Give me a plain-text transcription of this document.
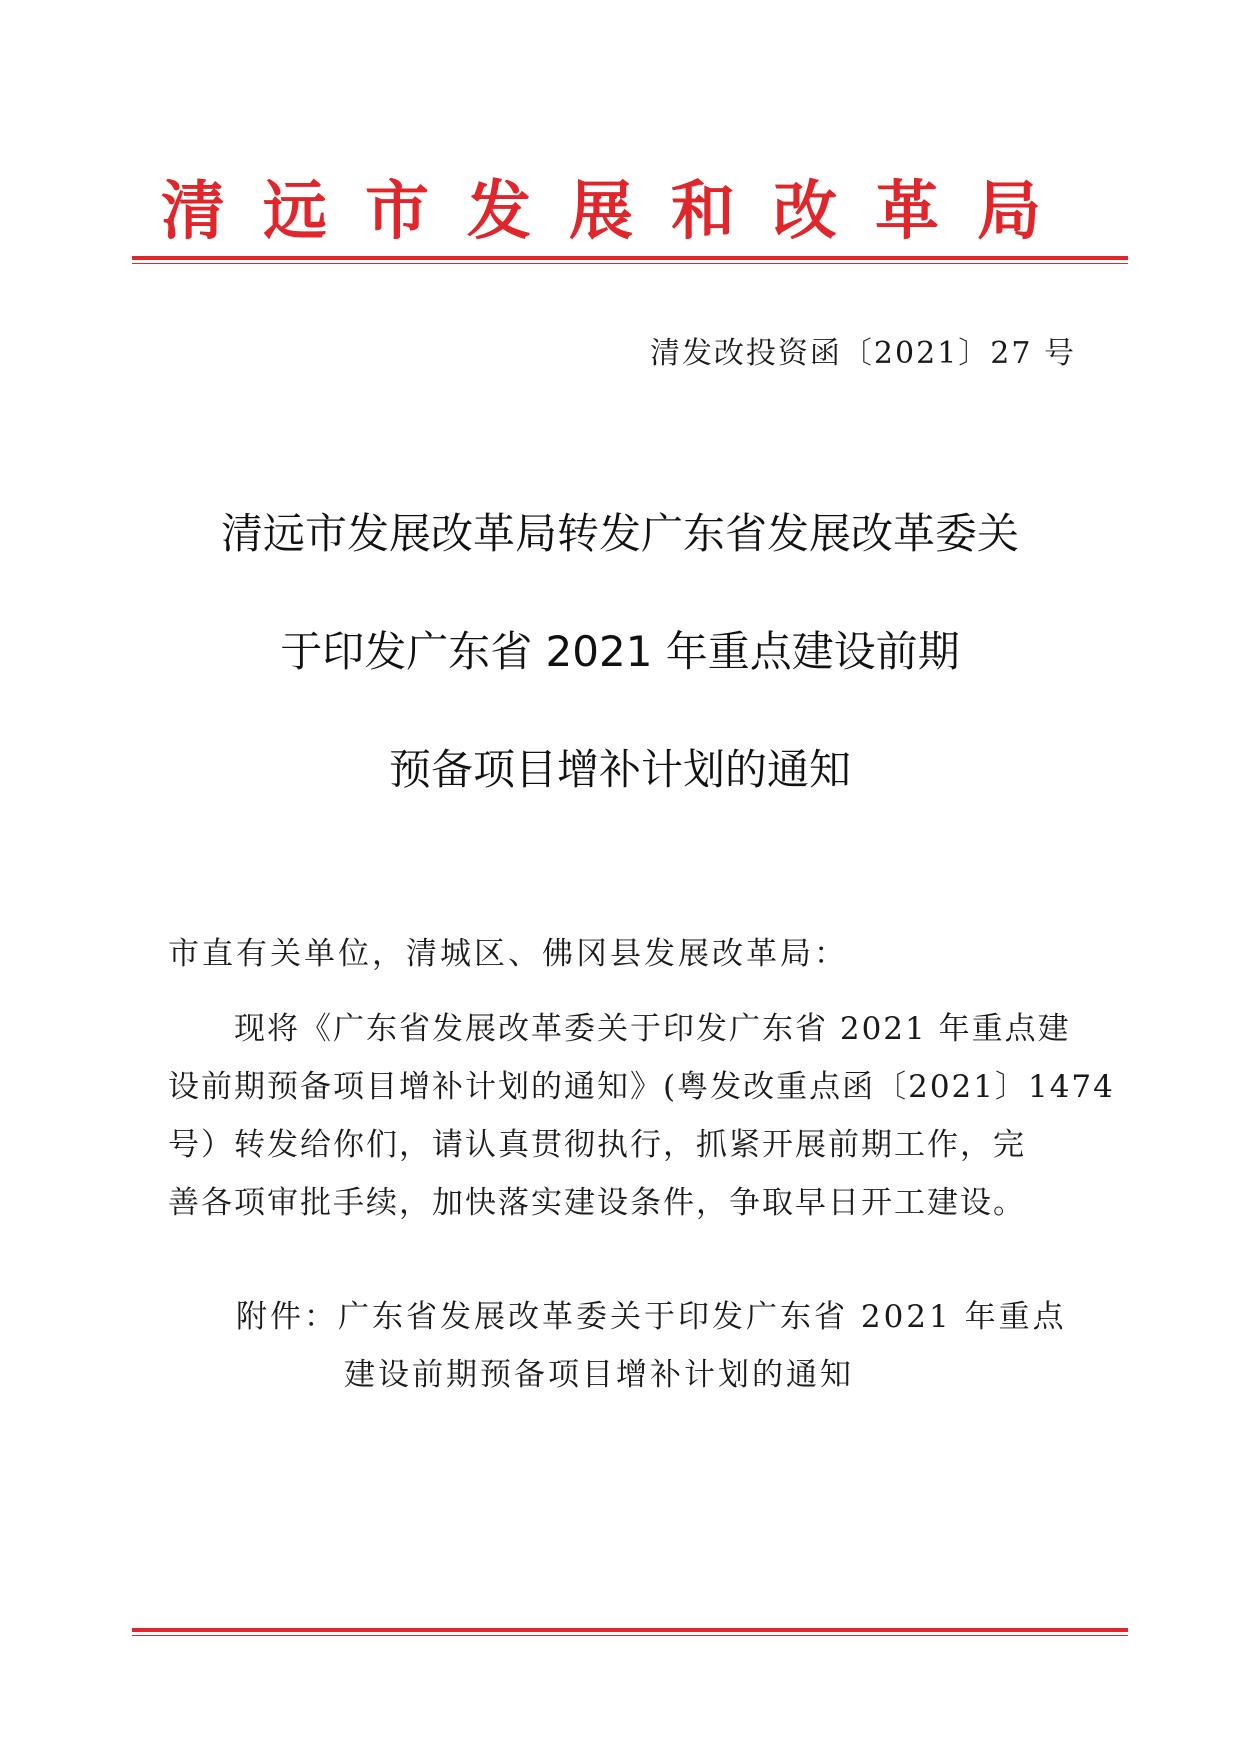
清远市发展和改革局
清发改投资函〔2021〕27 号
清远市发展改革局转发广东省发展改革委关
于印发广东省 2021 年重点建设前期
预备项目增补计划的通知
市直有关单位，清城区、佛冈县发展改革局：
现将《广东省发展改革委关于印发广东省 2021 年重点建
设前期预备项目增补计划的通知》(粤发改重点函〔2021〕1474
号）转发给你们，请认真贯彻执行，抓紧开展前期工作，完
善各项审批手续，加快落实建设条件，争取早日开工建设。
附件：广东省发展改革委关于印发广东省 2021 年重点
建设前期预备项目增补计划的通知
